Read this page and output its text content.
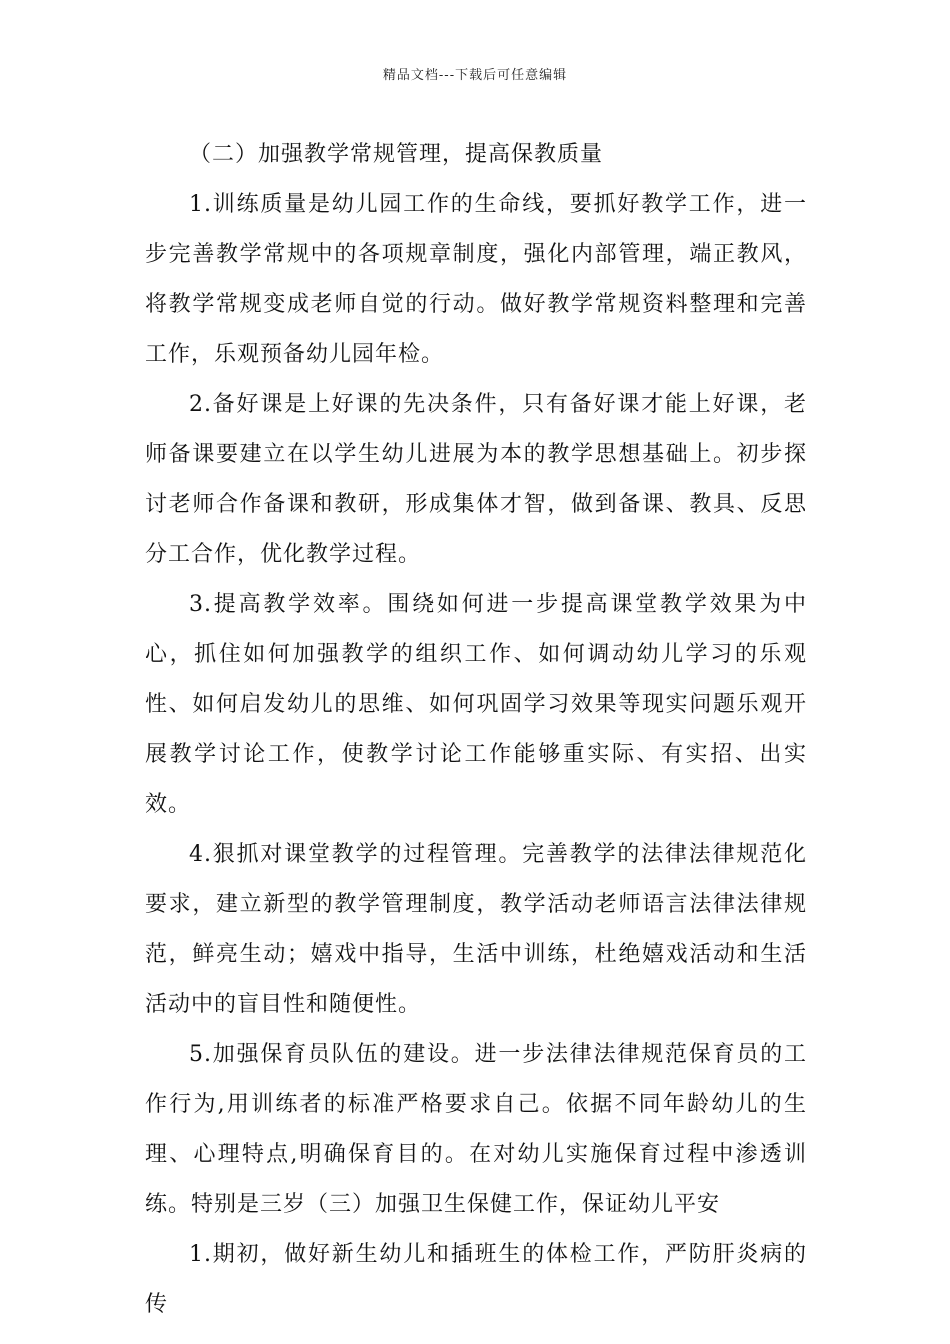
精品文档---下载后可任意编辑

（二）加强教学常规管理，提高保教质量

1.训练质量是幼儿园工作的生命线，要抓好教学工作，进一步完善教学常规中的各项规章制度，强化内部管理，端正教风，将教学常规变成老师自觉的行动。做好教学常规资料整理和完善工作，乐观预备幼儿园年检。

2.备好课是上好课的先决条件，只有备好课才能上好课，老师备课要建立在以学生幼儿进展为本的教学思想基础上。初步探讨老师合作备课和教研，形成集体才智，做到备课、教具、反思分工合作，优化教学过程。

3.提高教学效率。围绕如何进一步提高课堂教学效果为中心，抓住如何加强教学的组织工作、如何调动幼儿学习的乐观性、如何启发幼儿的思维、如何巩固学习效果等现实问题乐观开展教学讨论工作，使教学讨论工作能够重实际、有实招、出实效。

4.狠抓对课堂教学的过程管理。完善教学的法律法律规范化要求，建立新型的教学管理制度，教学活动老师语言法律法律规范，鲜亮生动；嬉戏中指导，生活中训练，杜绝嬉戏活动和生活活动中的盲目性和随便性。

5.加强保育员队伍的建设。进一步法律法律规范保育员的工作行为,用训练者的标准严格要求自己。依据不同年龄幼儿的生理、心理特点,明确保育目的。在对幼儿实施保育过程中渗透训练。特别是三岁（三）加强卫生保健工作，保证幼儿平安

1.期初，做好新生幼儿和插班生的体检工作，严防肝炎病的传
